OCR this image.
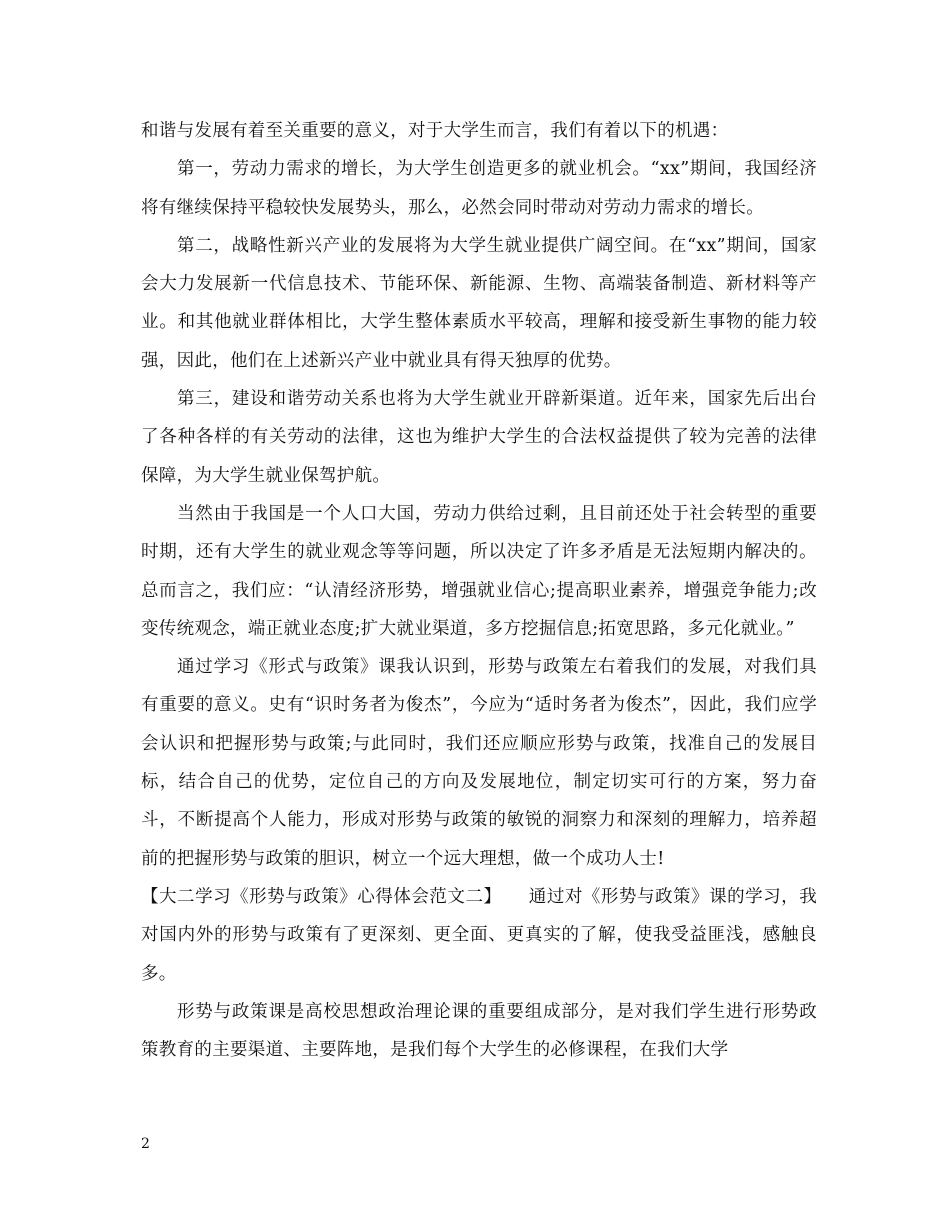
和谐与发展有着至关重要的意义，对于大学生而言，我们有着以下的机遇：

第一，劳动力需求的增长，为大学生创造更多的就业机会。“xx”期间，我国经济将有继续保持平稳较快发展势头，那么，必然会同时带动对劳动力需求的增长。

第二，战略性新兴产业的发展将为大学生就业提供广阔空间。在“xx”期间，国家会大力发展新一代信息技术、节能环保、新能源、生物、高端装备制造、新材料等产业。和其他就业群体相比，大学生整体素质水平较高，理解和接受新生事物的能力较强，因此，他们在上述新兴产业中就业具有得天独厚的优势。

第三，建设和谐劳动关系也将为大学生就业开辟新渠道。近年来，国家先后出台了各种各样的有关劳动的法律，这也为维护大学生的合法权益提供了较为完善的法律保障，为大学生就业保驾护航。

当然由于我国是一个人口大国，劳动力供给过剩，且目前还处于社会转型的重要时期，还有大学生的就业观念等等问题，所以决定了许多矛盾是无法短期内解决的。总而言之，我们应：“认清经济形势，增强就业信心;提高职业素养，增强竞争能力;改变传统观念，端正就业态度;扩大就业渠道，多方挖掘信息;拓宽思路，多元化就业。”

通过学习《形式与政策》课我认识到，形势与政策左右着我们的发展，对我们具有重要的意义。史有“识时务者为俊杰”，今应为“适时务者为俊杰”，因此，我们应学会认识和把握形势与政策;与此同时，我们还应顺应形势与政策，找准自己的发展目标，结合自己的优势，定位自己的方向及发展地位，制定切实可行的方案，努力奋斗，不断提高个人能力，形成对形势与政策的敏锐的洞察力和深刻的理解力，培养超前的把握形势与政策的胆识，树立一个远大理想，做一个成功人士!

【大二学习《形势与政策》心得体会范文二】　　通过对《形势与政策》课的学习，我对国内外的形势与政策有了更深刻、更全面、更真实的了解，使我受益匪浅，感触良多。

形势与政策课是高校思想政治理论课的重要组成部分，是对我们学生进行形势政策教育的主要渠道、主要阵地，是我们每个大学生的必修课程，在我们大学

2
